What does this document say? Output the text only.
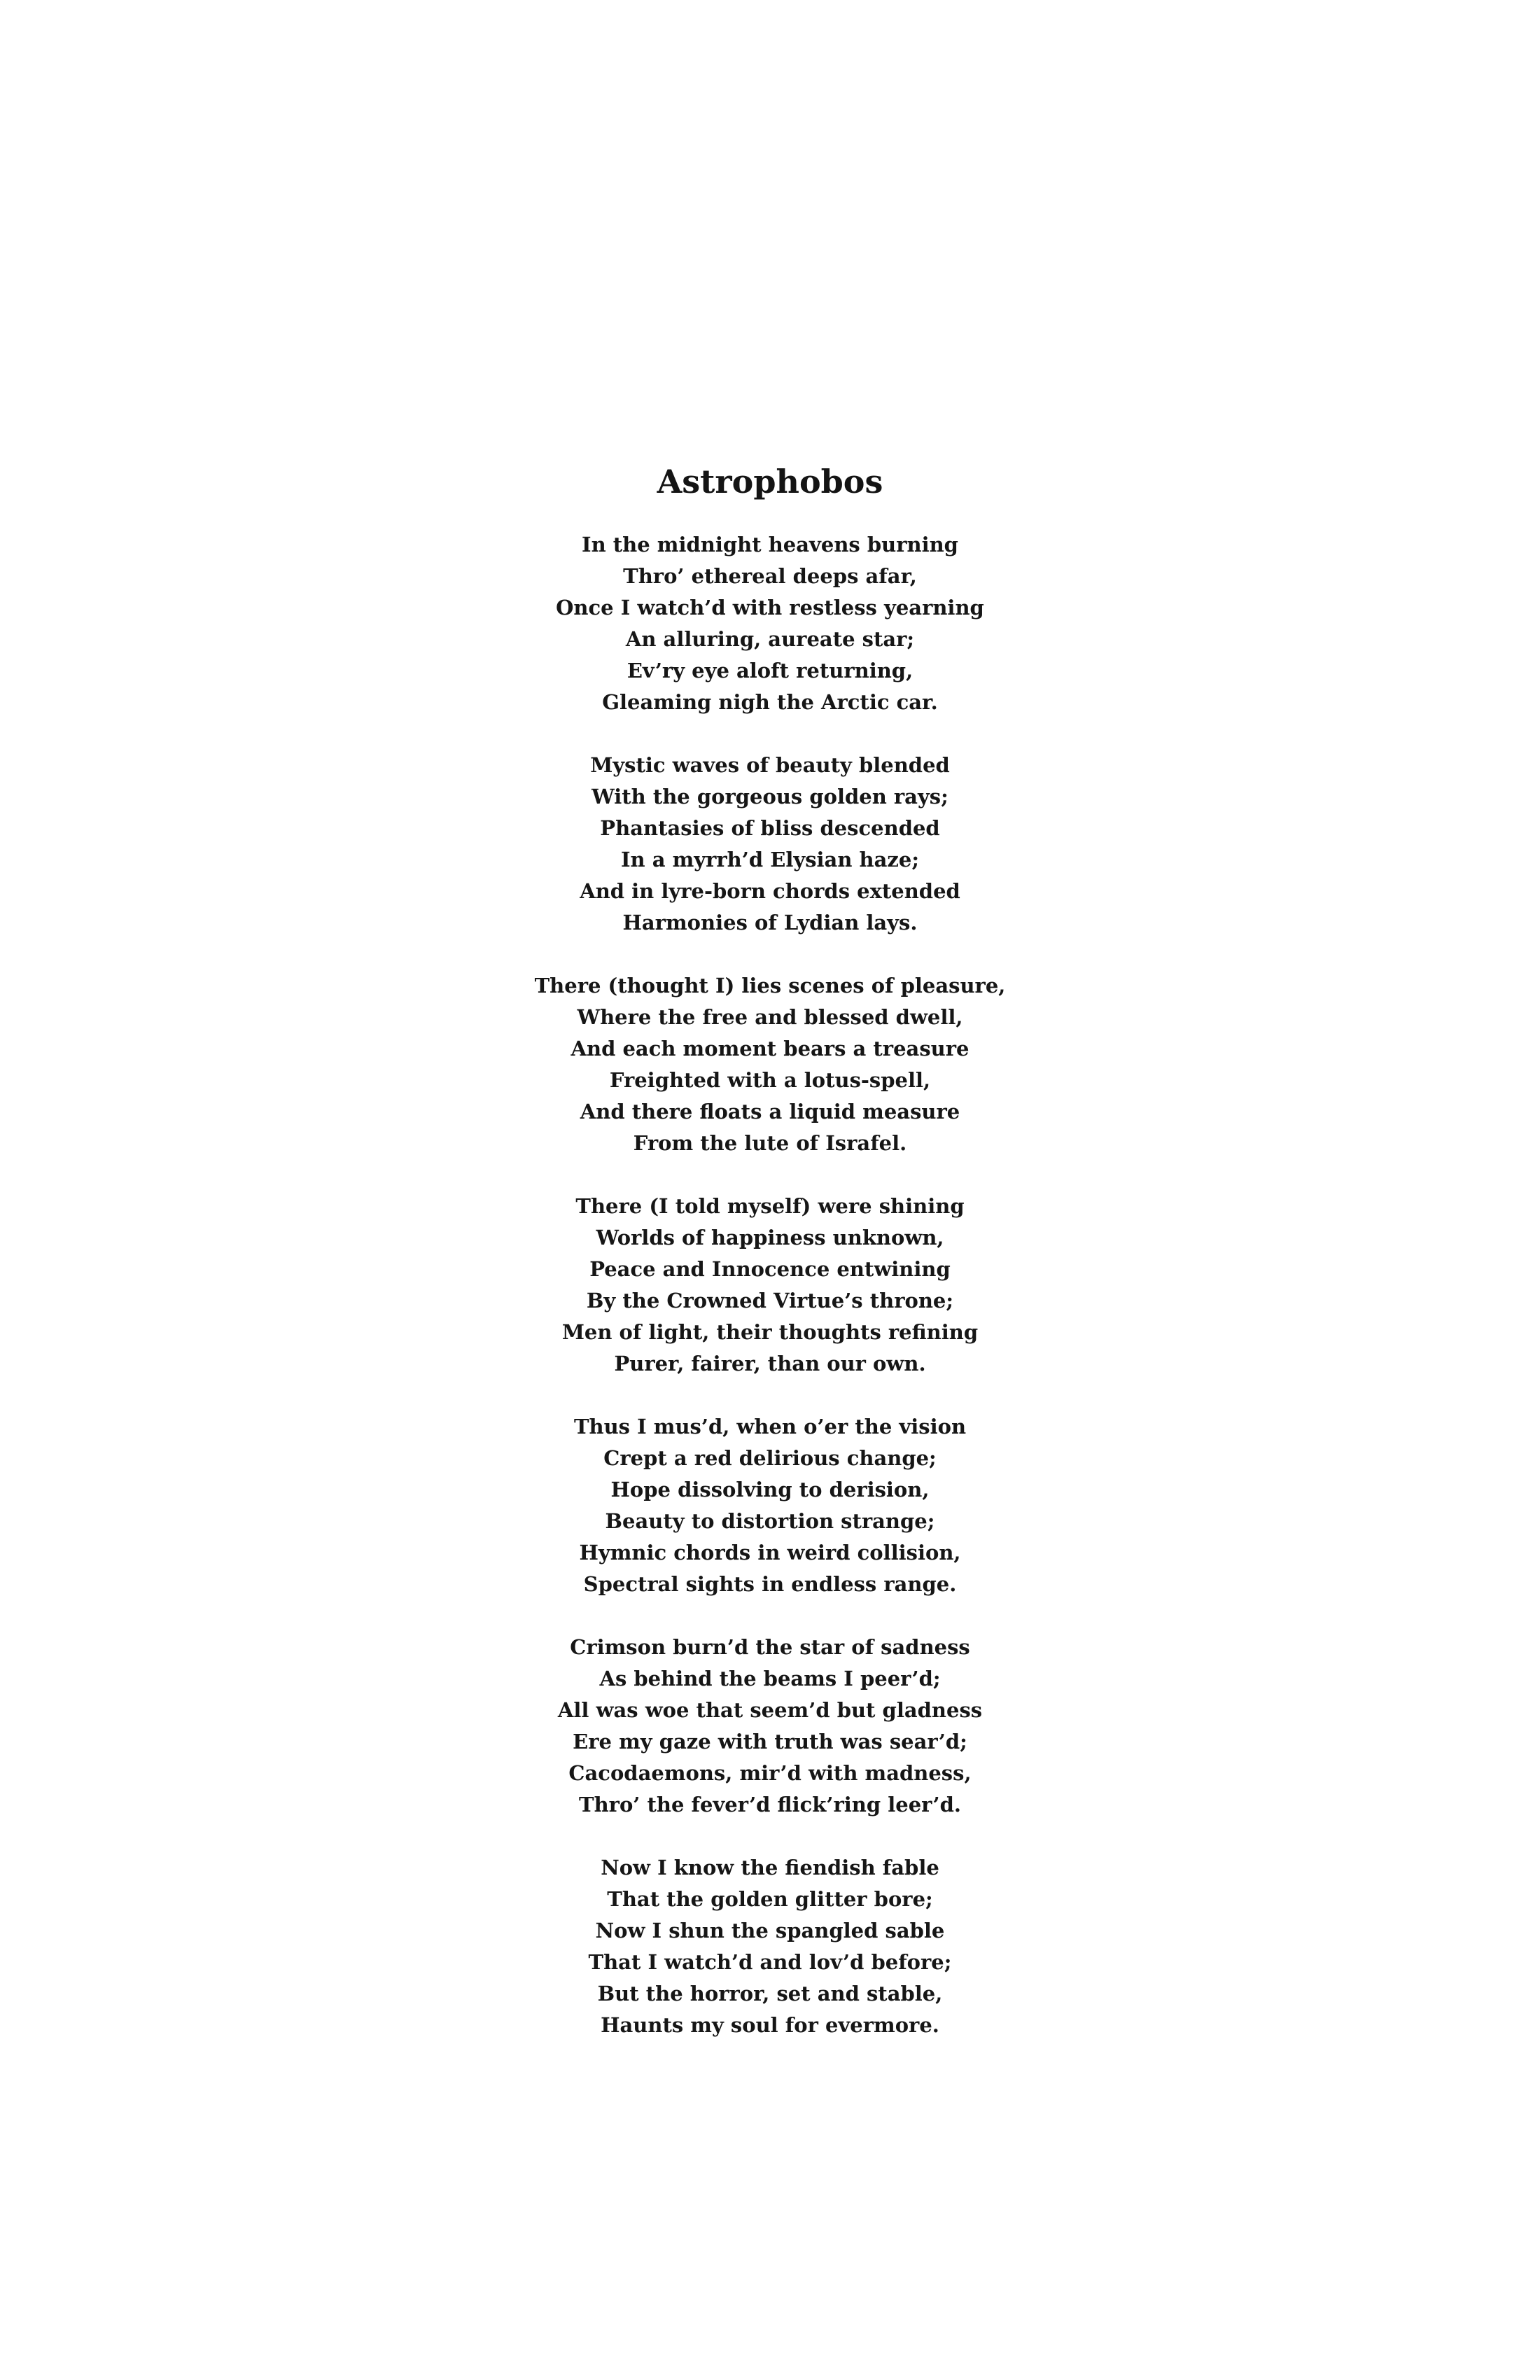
Astrophobos
In the midnight heavens burning
Thro’ ethereal deeps afar,
Once I watch’d with restless yearning
An alluring, aureate star;
Ev’ry eye aloft returning,
Gleaming nigh the Arctic car.
Mystic waves of beauty blended
With the gorgeous golden rays;
Phantasies of bliss descended
In a myrrh’d Elysian haze;
And in lyre-born chords extended
Harmonies of Lydian lays.
There (thought I) lies scenes of pleasure,
Where the free and blessed dwell,
And each moment bears a treasure
Freighted with a lotus-spell,
And there floats a liquid measure
From the lute of Israfel.
There (I told myself) were shining
Worlds of happiness unknown,
Peace and Innocence entwining
By the Crowned Virtue’s throne;
Men of light, their thoughts refining
Purer, fairer, than our own.
Thus I mus’d, when o’er the vision
Crept a red delirious change;
Hope dissolving to derision,
Beauty to distortion strange;
Hymnic chords in weird collision,
Spectral sights in endless range.
Crimson burn’d the star of sadness
As behind the beams I peer’d;
All was woe that seem’d but gladness
Ere my gaze with truth was sear’d;
Cacodaemons, mir’d with madness,
Thro’ the fever’d flick’ring leer’d.
Now I know the fiendish fable
That the golden glitter bore;
Now I shun the spangled sable
That I watch’d and lov’d before;
But the horror, set and stable,
Haunts my soul for evermore.
